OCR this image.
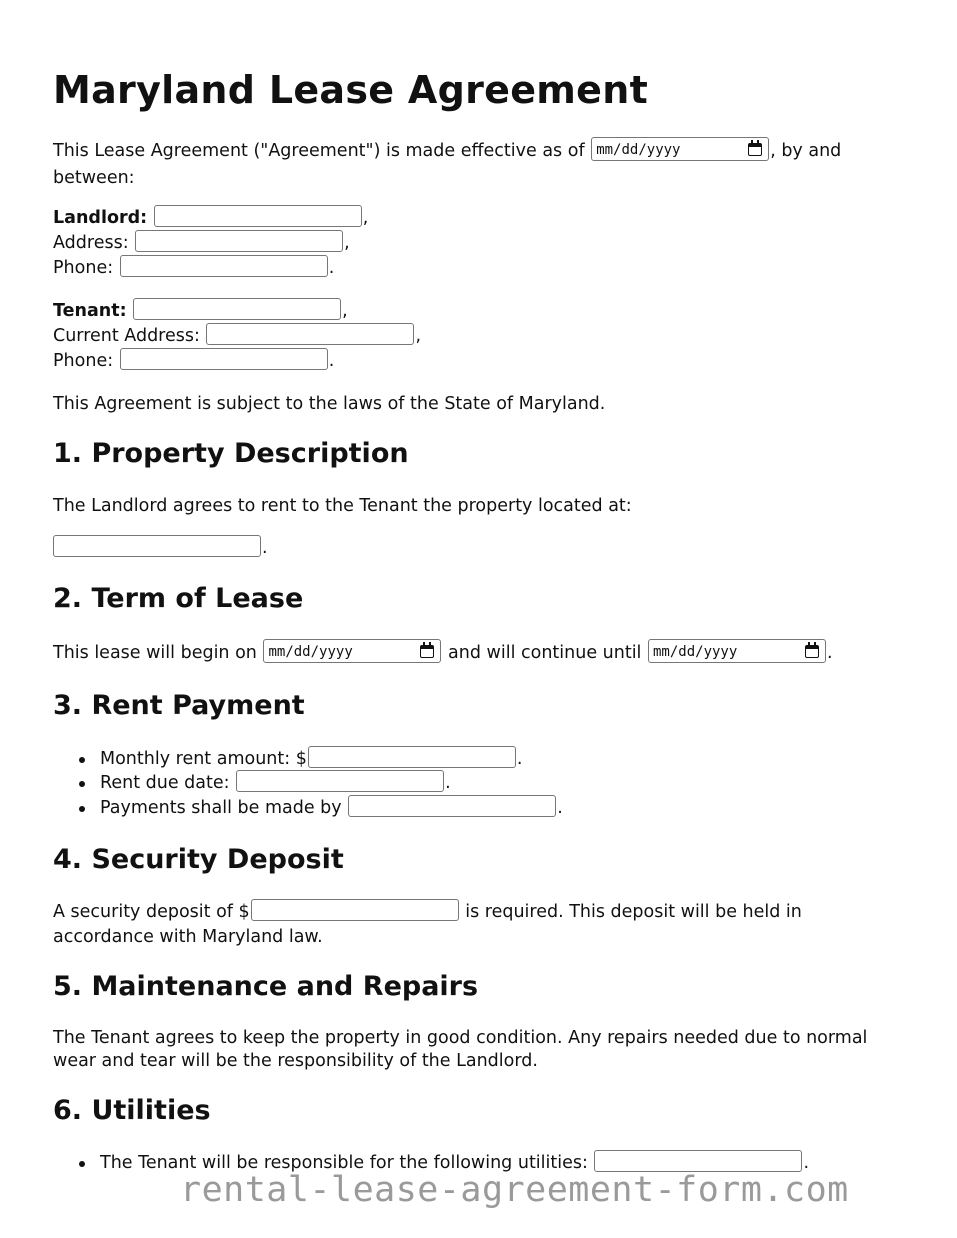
Maryland Lease Agreement
This Lease Agreement ("Agreement") is made effective as of mm/dd/yyyy	, by and
between:
Landlord:	,
Address:	,
Phone:	.
Tenant:	,
Current Address:	,
Phone:	.
This Agreement is subject to the laws of the State of Maryland.
1. Property Description
The Landlord agrees to rent to the Tenant the property located at:
.
2. Term of Lease
This lease will begin on mm/dd/yyyy	and will continue until mm/dd/yyyy	.
3. Rent Payment
Monthly rent amount: $	.
Rent due date:	.
Payments shall be made by	.
4. Security Deposit
A security deposit of $	is required. This deposit will be held in
accordance with Maryland law.
5. Maintenance and Repairs
The Tenant agrees to keep the property in good condition. Any repairs needed due to normal wear and tear will be the responsibility of the Landlord.
6. Utilities
The Tenant will be responsible for the following utilities:	.
rental-lease-agreement-form.com
